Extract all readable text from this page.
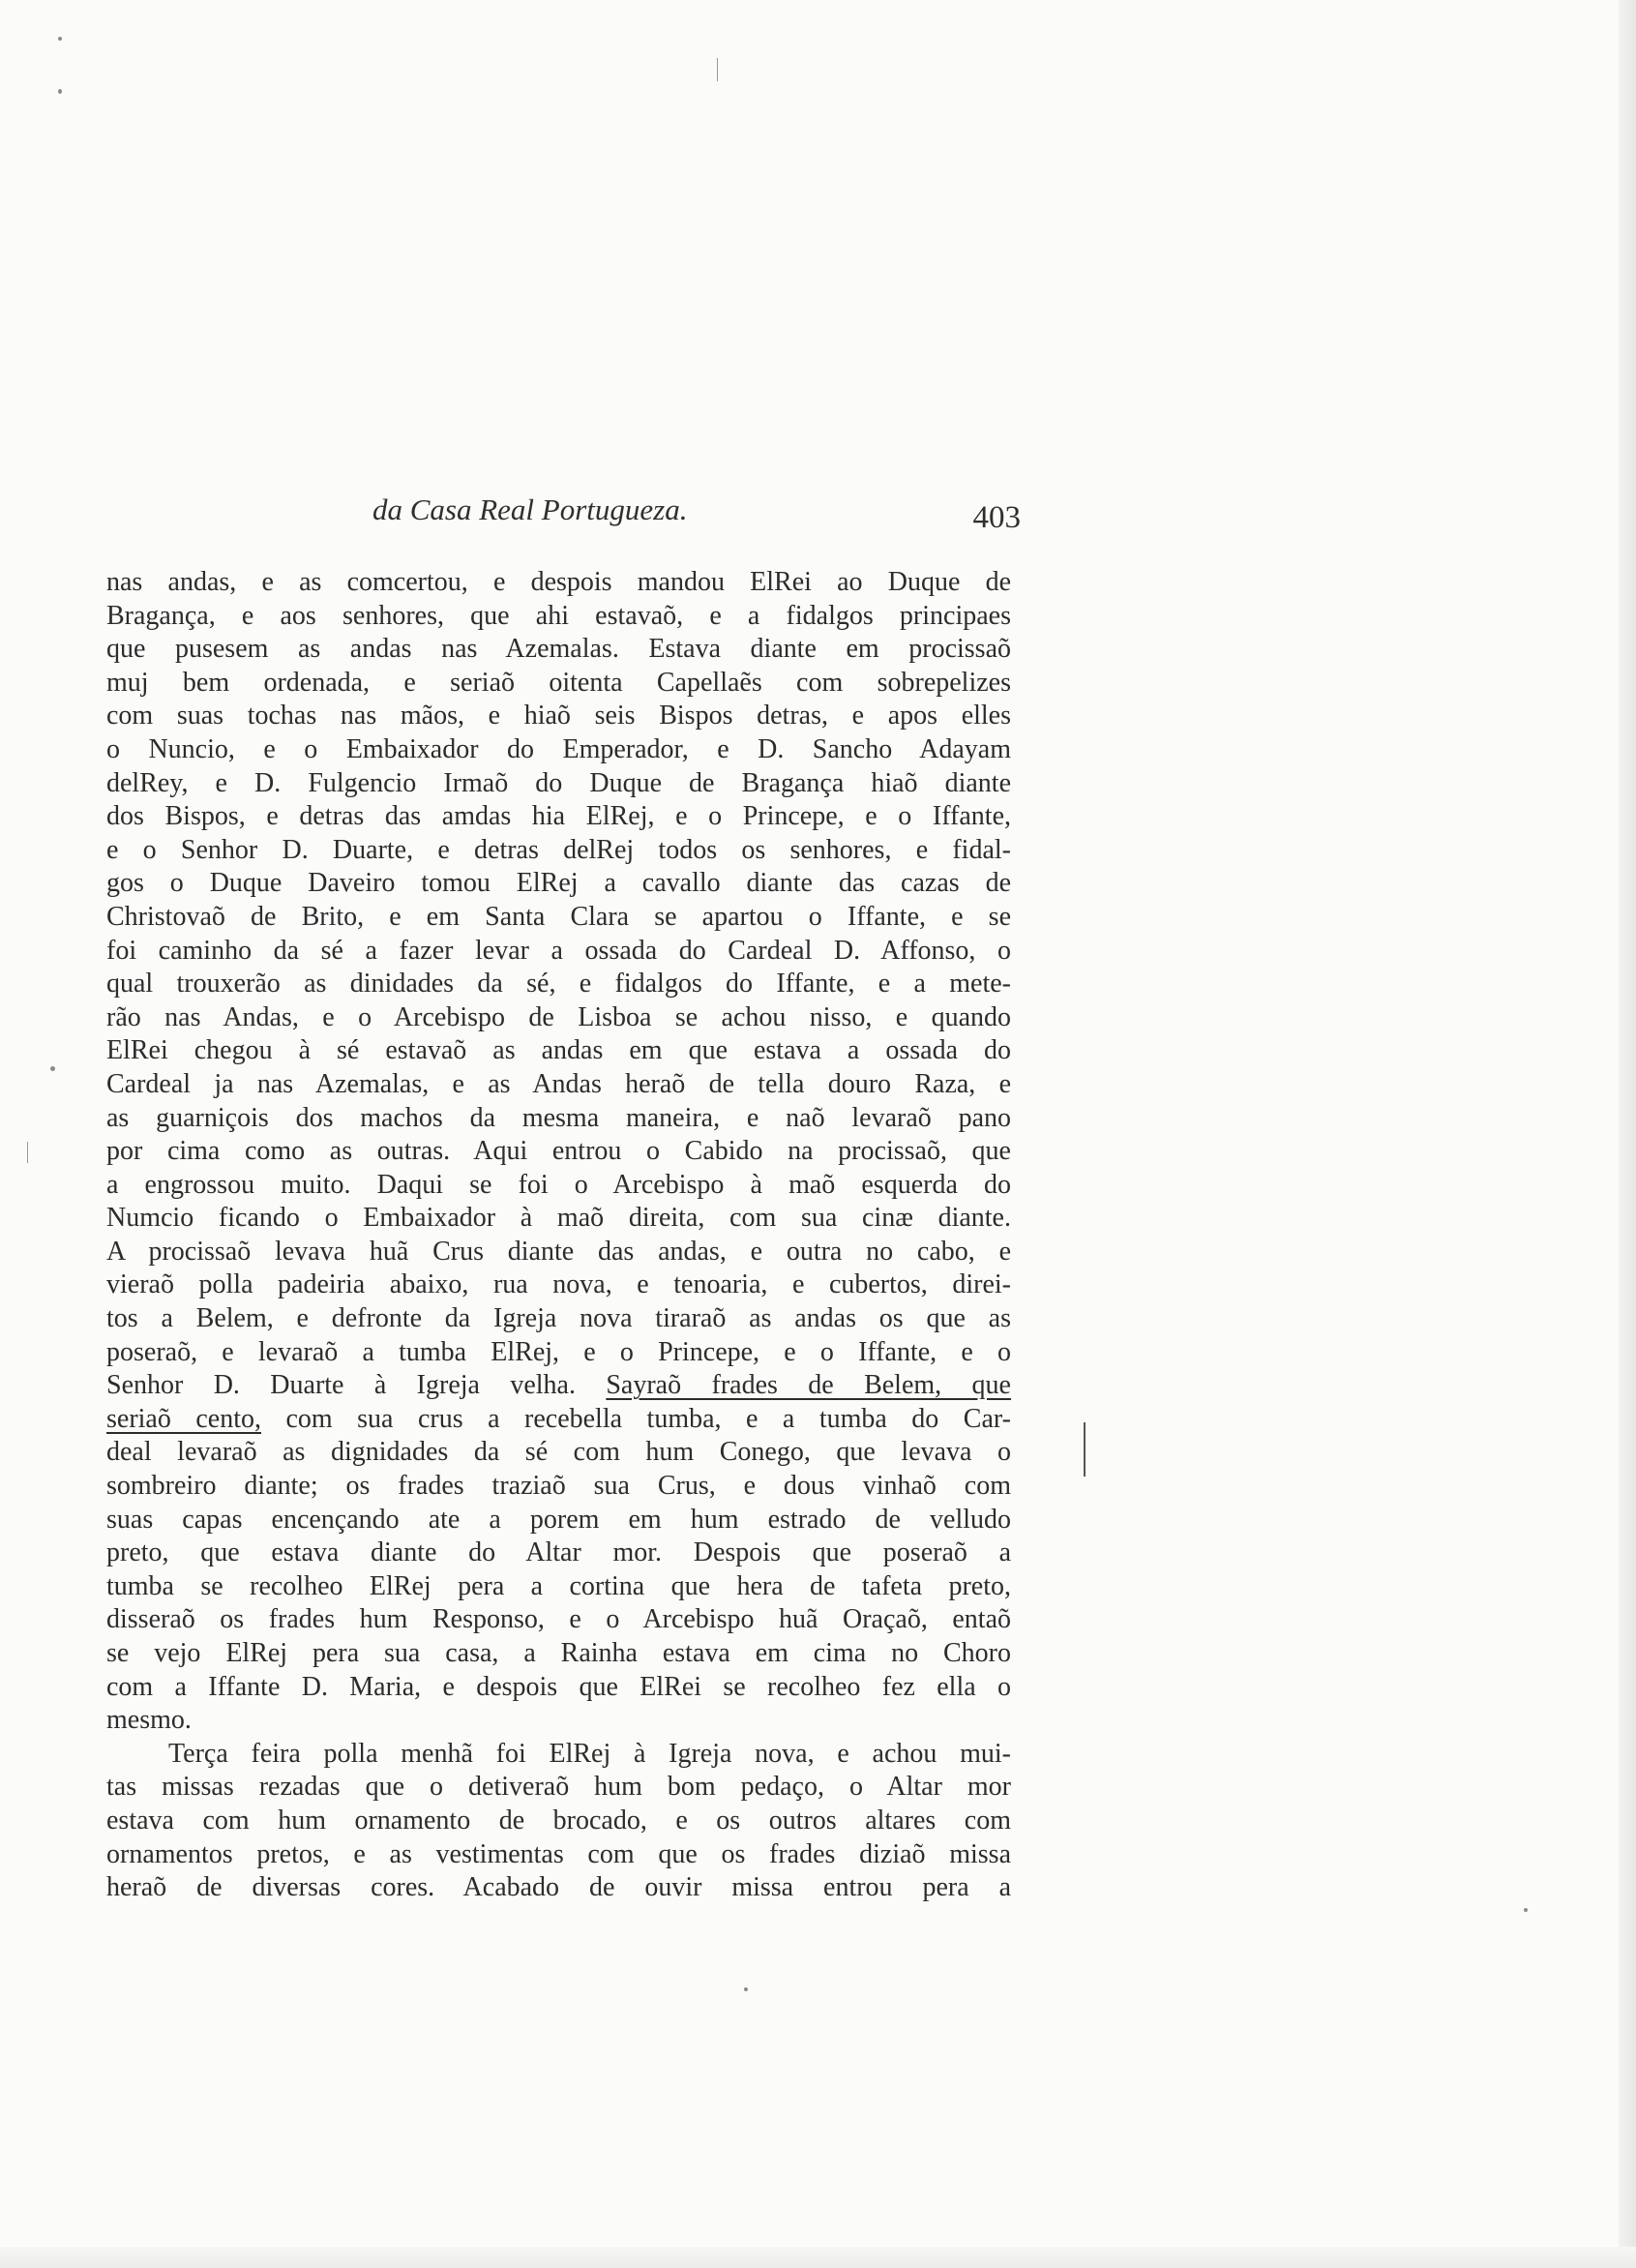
da Casa Real Portugueza.	403

nas andas, e as comcertou, e despois mandou ElRei ao Duque de
Bragança, e aos senhores, que ahi estavaõ, e a fidalgos principaes
que pusesem as andas nas Azemalas. Estava diante em procissaõ
muj bem ordenada, e seriaõ oitenta Capellaẽs com sobrepelizes
com suas tochas nas mãos, e hiaõ seis Bispos detras, e apos elles
o Nuncio, e o Embaixador do Emperador, e D. Sancho Adayam
delRey, e D. Fulgencio Irmaõ do Duque de Bragança hiaõ diante
dos Bispos, e detras das amdas hia ElRej, e o Princepe, e o Iffante,
e o Senhor D. Duarte, e detras delRej todos os senhores, e fidal-
gos o Duque Daveiro tomou ElRej a cavallo diante das cazas de
Christovaõ de Brito, e em Santa Clara se apartou o Iffante, e se
foi caminho da sé a fazer levar a ossada do Cardeal D. Affonso, o
qual trouxerão as dinidades da sé, e fidalgos do Iffante, e a mete-
rão nas Andas, e o Arcebispo de Lisboa se achou nisso, e quando
ElRei chegou à sé estavaõ as andas em que estava a ossada do
Cardeal ja nas Azemalas, e as Andas heraõ de tella douro Raza, e
as guarniçois dos machos da mesma maneira, e naõ levaraõ pano
por cima como as outras. Aqui entrou o Cabido na procissaõ, que
a engrossou muito. Daqui se foi o Arcebispo à maõ esquerda do
Numcio ficando o Embaixador à maõ direita, com sua cinæ diante.
A procissaõ levava huã Crus diante das andas, e outra no cabo, e
vieraõ polla padeiria abaixo, rua nova, e tenoaria, e cubertos, direi-
tos a Belem, e defronte da Igreja nova tiraraõ as andas os que as
poseraõ, e levaraõ a tumba ElRej, e o Princepe, e o Iffante, e o
Senhor D. Duarte à Igreja velha. Sayraõ frades de Belem, que
seriaõ cento, com sua crus a recebella tumba, e a tumba do Car-
deal levaraõ as dignidades da sé com hum Conego, que levava o
sombreiro diante; os frades traziaõ sua Crus, e dous vinhaõ com
suas capas encençando ate a porem em hum estrado de velludo
preto, que estava diante do Altar mor. Despois que poseraõ a
tumba se recolheo ElRej pera a cortina que hera de tafeta preto,
disseraõ os frades hum Responso, e o Arcebispo huã Oraçaõ, entaõ
se vejo ElRej pera sua casa, a Rainha estava em cima no Choro
com a Iffante D. Maria, e despois que ElRei se recolheo fez ella o
mesmo.

Terça feira polla menhã foi ElRej à Igreja nova, e achou mui-
tas missas rezadas que o detiveraõ hum bom pedaço, o Altar mor
estava com hum ornamento de brocado, e os outros altares com
ornamentos pretos, e as vestimentas com que os frades diziaõ missa
heraõ de diversas cores. Acabado de ouvir missa entrou pera a
